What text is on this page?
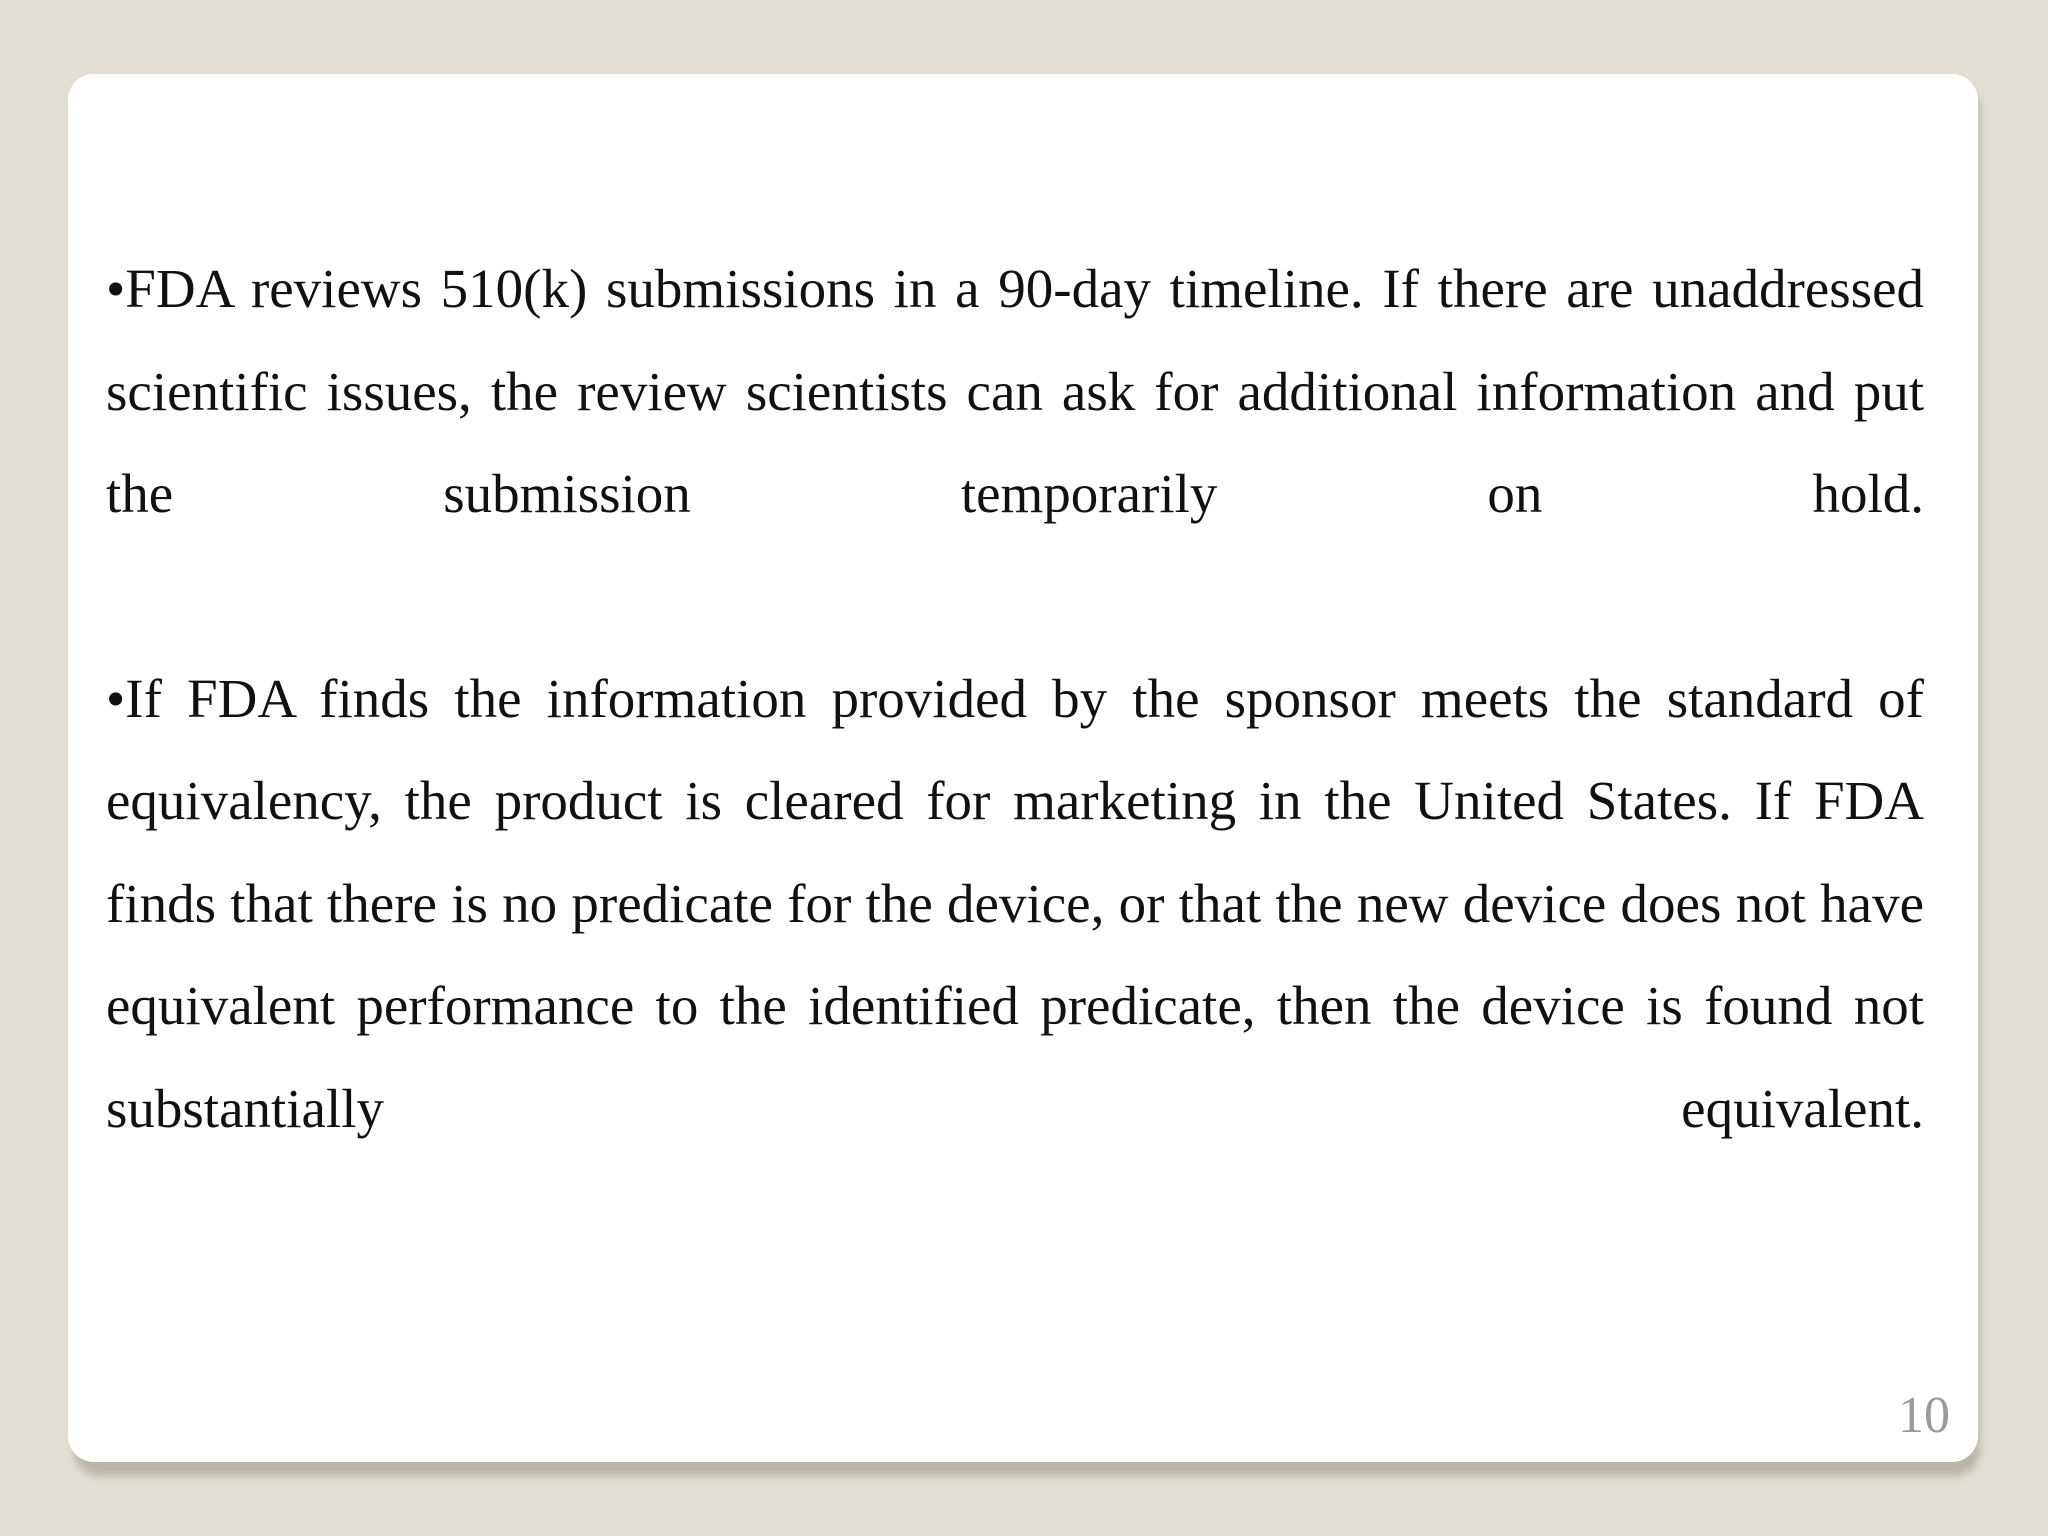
•FDA reviews 510(k) submissions in a 90-day timeline. If there are unaddressed scientific issues, the review scientists can ask for additional information and put the submission temporarily on hold.

•If FDA finds the information provided by the sponsor meets the standard of equivalency, the product is cleared for marketing in the United States. If FDA finds that there is no predicate for the device, or that the new device does not have equivalent performance to the identified predicate, then the device is found not substantially equivalent.

10
